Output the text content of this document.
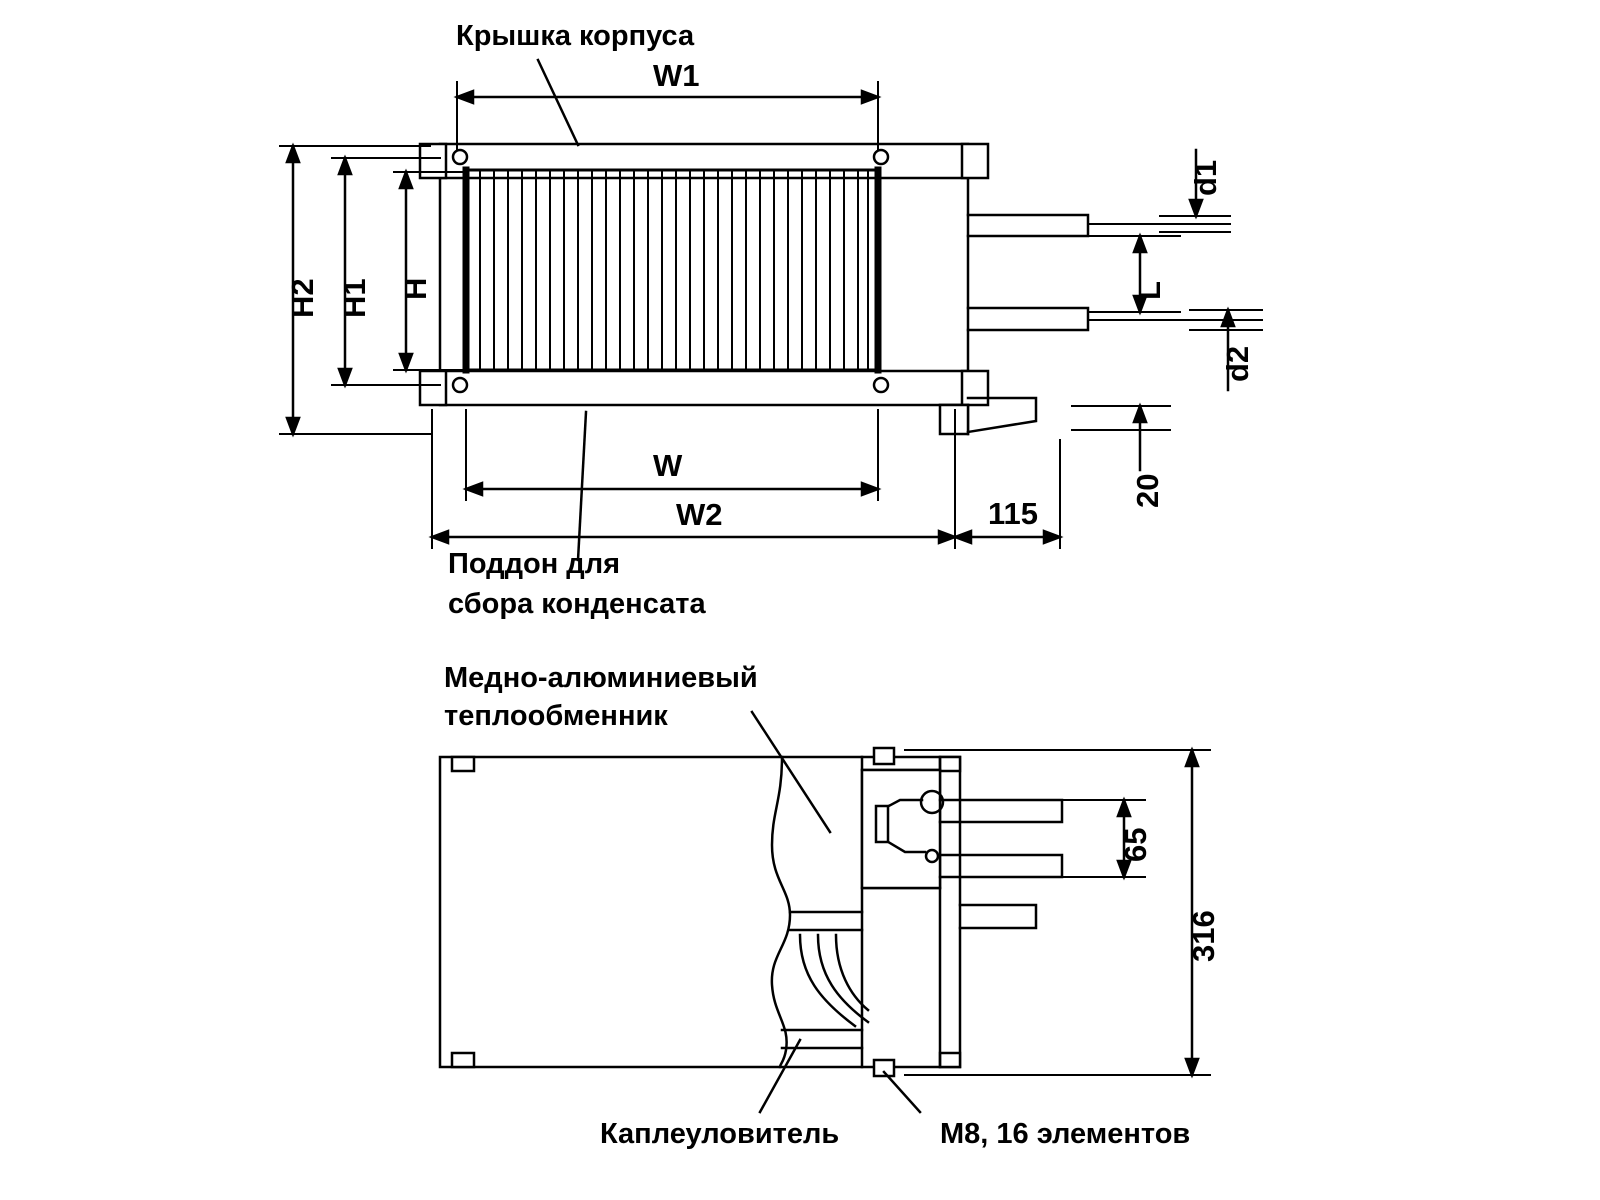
Крышка корпуса
W1
H2 H1 H
W
W2	115
20
d1
L
d2
Поддон для
сбора конденсата
Медно-алюминиевый
теплообменник
65
316
Каплеуловитель	M8, 16 элементов
